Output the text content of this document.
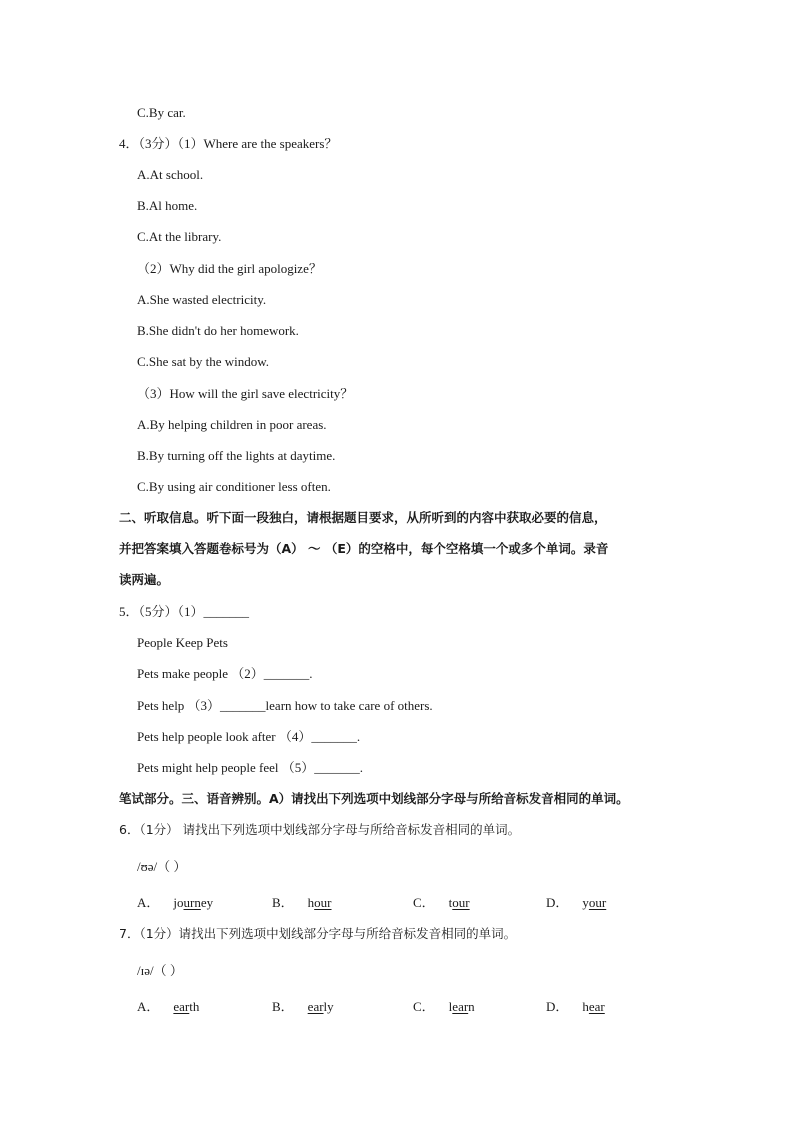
C.By car.
4．（3分）（1）Where are the speakers？
A.At school.
B.Al home.
C.At the library.
（2）Why did the girl apologize？
A.She wasted electricity.
B.She didn't do her homework.
C.She sat by the window.
（3）How will the girl save electricity？
A.By helping children in poor areas.
B.By turning off the lights at daytime.
C.By using air conditioner less often.
二、听取信息。听下面一段独白，请根据题目要求，从所听到的内容中获取必要的信息，
并把答案填入答题卷标号为（A） ～ （E）的空格中，每个空格填一个或多个单词。录音
读两遍。
5．（5分）（1）_______
People Keep Pets
Pets make people （2）_______.
Pets help （3）_______learn how to take care of others.
Pets help people look after （4）_______.
Pets might help people feel （5）_______.
笔试部分。三、语音辨别。A）请找出下列选项中划线部分字母与所给音标发音相同的单词。
6．（1分） 请找出下列选项中划线部分字母与所给音标发音相同的单词。
/ʊə/（ ）
A． journey	B． hour	C． tour	D． your
7．（1分）请找出下列选项中划线部分字母与所给音标发音相同的单词。
/ɪə/（ ）
A． earth	B． early	C． learn	D． hear
